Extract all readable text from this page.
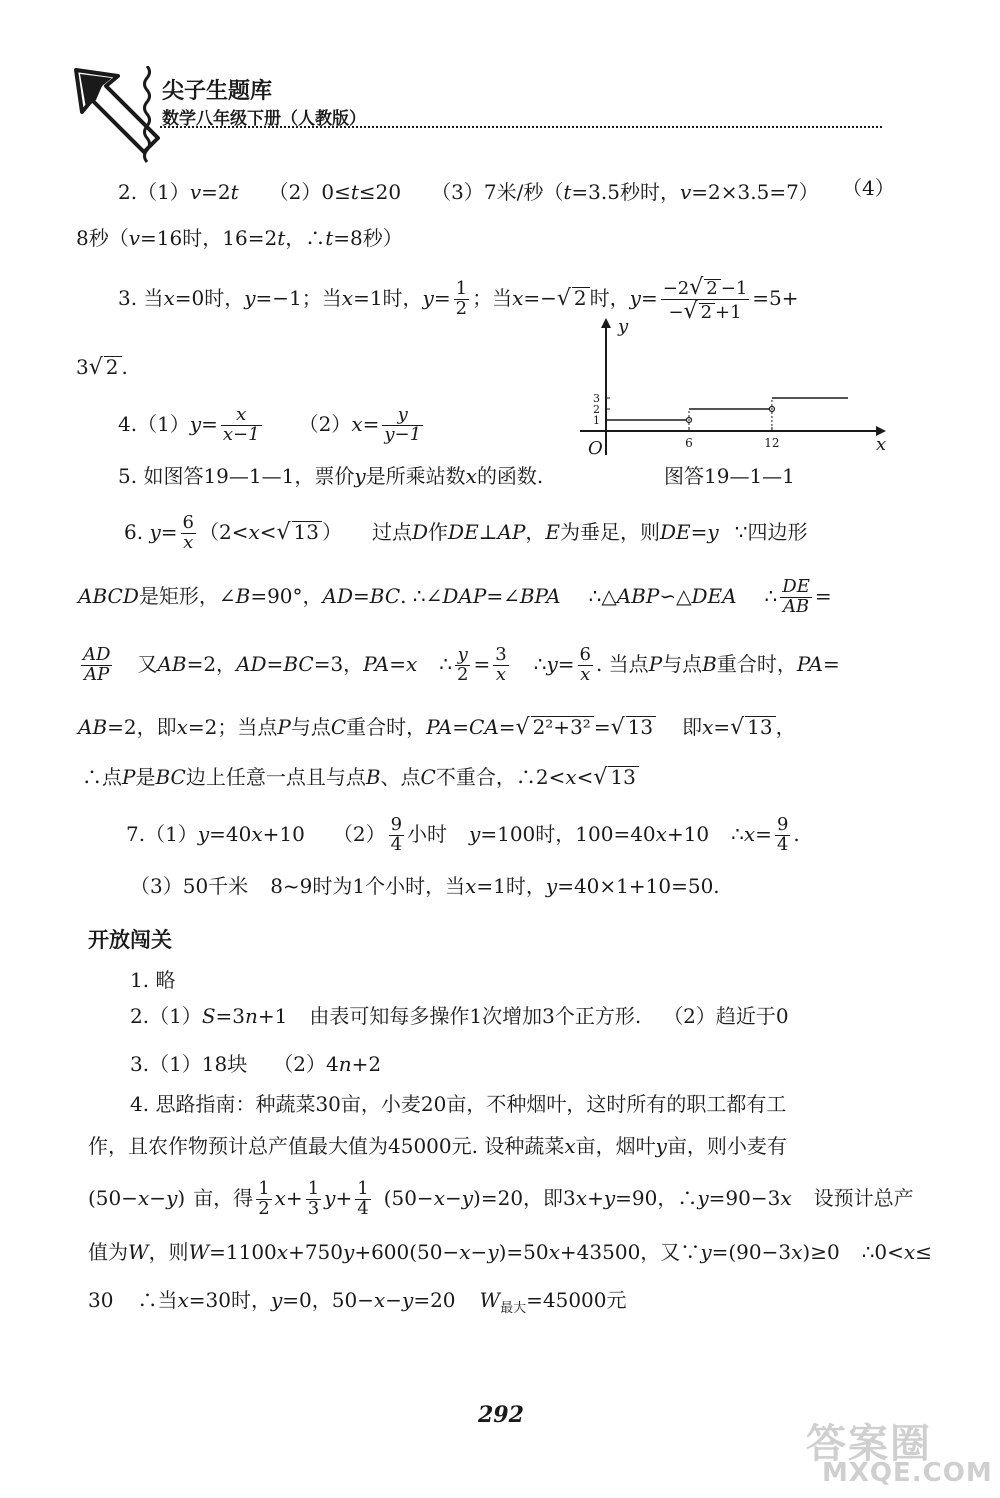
尖子生题库
数学八年级下册（人教版）
2.（1）v=2t （2）0≤t≤20 （3）7米/秒（t=3.5秒时，v=2×3.5=7） （4）
8秒（v=16时，16=2t，∴t=8秒）
3. 当x=0时，y=−1；当x=1时，$y= \frac{1}{2}$ ；当x=−√ 2 时，$y= \frac{-2√ 2 -1}{-√ 2 +1} =5+$
3√ 2 .
$4.(1)y= \frac{x}{x-1} (2)x= \frac{y}{y-1}$
5. 如图答19—1—1，票价y是所乘站数x的函数.
x
y
O	6	12
1
2
3
图答19—1—1
6. $y= \frac{6}{x} (2<x<√$ 13 ） 过点D作DE⊥AP，E为垂足，则DE=y ∵四边形
ABCD是矩形，∠B=90°，AD=BC. ∴∠DAP=∠BPA ∴△ABP∽△DEA ∴ $\frac{DE}{AB}$ =
$\frac{AD}{AP}$ 又AB=2，AD=BC=3，PA=x ∴ $\frac{y}{2} = \frac{3}{x}$ ∴y= $\frac{6}{x}$ . 当点P与点B重合时，PA=
AB=2，即x=2；当点P与点C重合时，PA=CA=√ 2²+3² =√ 13 即x=√ 13 ，
∴点P是BC边上任意一点且与点B、点C不重合，∴2<x<√ 13
7.（1）y=40x+10 $(2) \frac{9}{4}$ 小时 y=100时，100=40x+10 ∴x= $\frac{9}{4}$ .
（3）50千米 8~9时为1个小时，当x=1时，y=40×1+10=50.
开放闯关
1. 略
2.（1）S=3n+1 由表可知每多操作1次增加3个正方形. （2）趋近于0
3.（1）18块 （2）4n+2
4. 思路指南：种蔬菜30亩，小麦20亩，不种烟叶，这时所有的职工都有工
作，且农作物预计总产值最大值为45000元. 设种蔬菜x亩，烟叶y亩，则小麦有
(50−x−y) 亩，得 $\frac{1}{2} x+ \frac{1}{3} y+ \frac{1}{4} (50-x-y)=20$，即3x+y=90，∴y=90−3x 设预计总产
值为W，则W=1100x+750y+600(50−x−y)=50x+43500，又∵y=(90−3x)≥0 ∴0<x≤
30 ∴当x=30时，y=0，50−x−y=20 $W_{最大}=45000$元
292
答案圈
MXQE.COM
